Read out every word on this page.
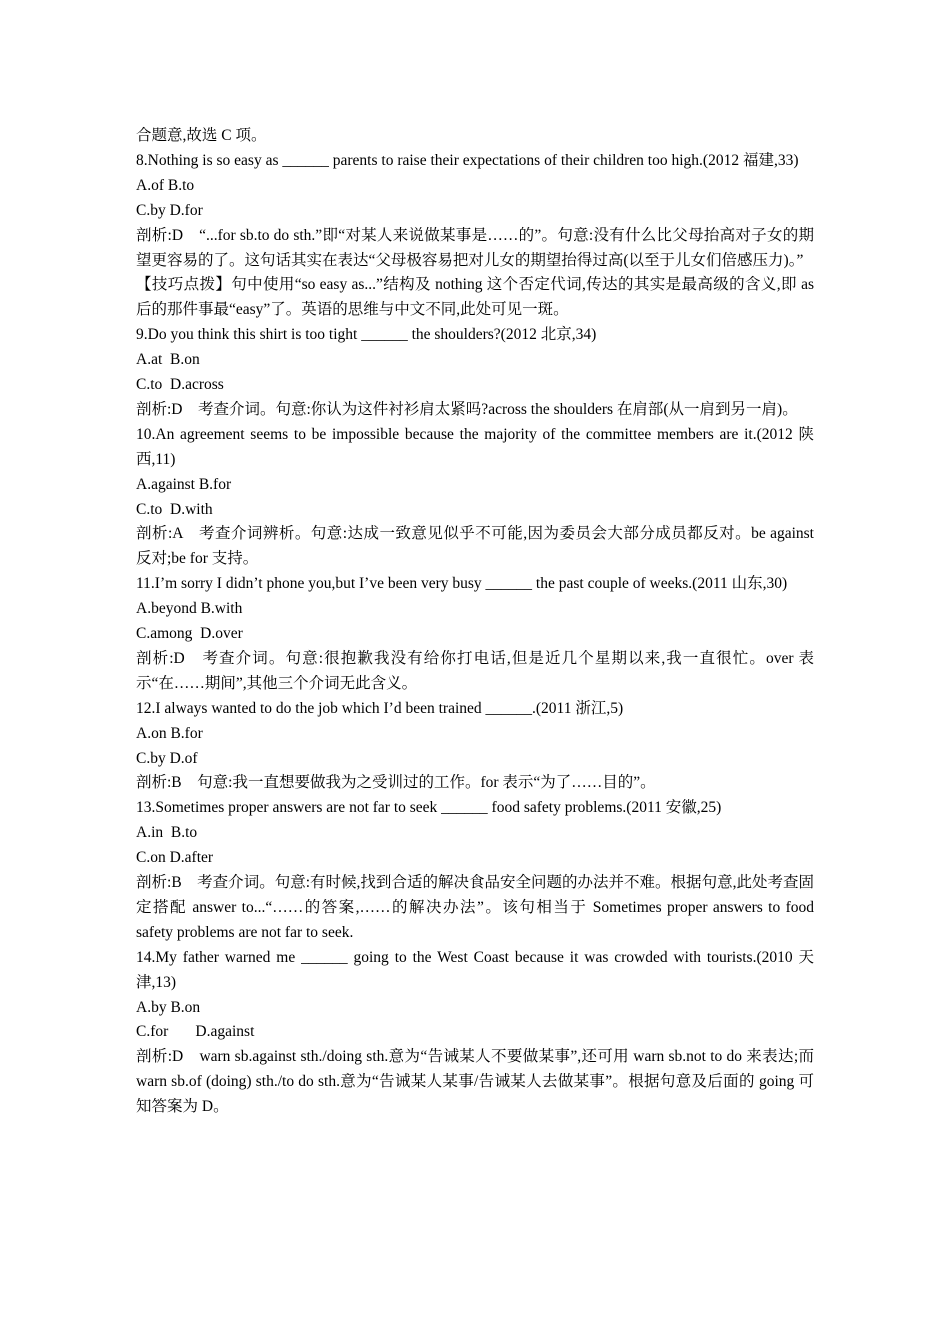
合题意,故选 C 项。
8.Nothing is so easy as ______ parents to raise their expectations of their children too high.(2012 福建,33)
A.of B.to
C.by D.for
剖析:D　“...for sb.to do sth.”即“对某人来说做某事是……的”。句意:没有什么比父母抬高对子女的期望更容易的了。这句话其实在表达“父母极容易把对儿女的期望抬得过高(以至于儿女们倍感压力)。”
【技巧点拨】句中使用“so easy as...”结构及 nothing 这个否定代词,传达的其实是最高级的含义,即 as 后的那件事最“easy”了。英语的思维与中文不同,此处可见一斑。
9.Do you think this shirt is too tight ______ the shoulders?(2012 北京,34)
A.at  B.on
C.to  D.across
剖析:D　考查介词。句意:你认为这件衬衫肩太紧吗?across the shoulders 在肩部(从一肩到另一肩)。
10.An agreement seems to be impossible because the majority of the committee members are it.(2012 陕西,11)
A.against B.for
C.to  D.with
剖析:A　考查介词辨析。句意:达成一致意见似乎不可能,因为委员会大部分成员都反对。be against 反对;be for 支持。
11.I’m sorry I didn’t phone you,but I’ve been very busy ______ the past couple of weeks.(2011 山东,30)
A.beyond B.with
C.among  D.over
剖析:D　考查介词。句意:很抱歉我没有给你打电话,但是近几个星期以来,我一直很忙。over 表示“在……期间”,其他三个介词无此含义。
12.I always wanted to do the job which I’d been trained ______.(2011 浙江,5)
A.on B.for
C.by D.of
剖析:B　句意:我一直想要做我为之受训过的工作。for 表示“为了……目的”。
13.Sometimes proper answers are not far to seek ______ food safety problems.(2011 安徽,25)
A.in  B.to
C.on D.after
剖析:B　考查介词。句意:有时候,找到合适的解决食品安全问题的办法并不难。根据句意,此处考查固定搭配 answer to...“……的答案,……的解决办法”。该句相当于 Sometimes proper answers to food safety problems are not far to seek.
14.My father warned me ______ going to the West Coast because it was crowded with tourists.(2010 天津,13)
A.by B.on
C.for       D.against
剖析:D　warn sb.against sth./doing sth.意为“告诫某人不要做某事”,还可用 warn sb.not to do 来表达;而 warn sb.of (doing) sth./to do sth.意为“告诫某人某事/告诫某人去做某事”。根据句意及后面的 going 可知答案为 D。
